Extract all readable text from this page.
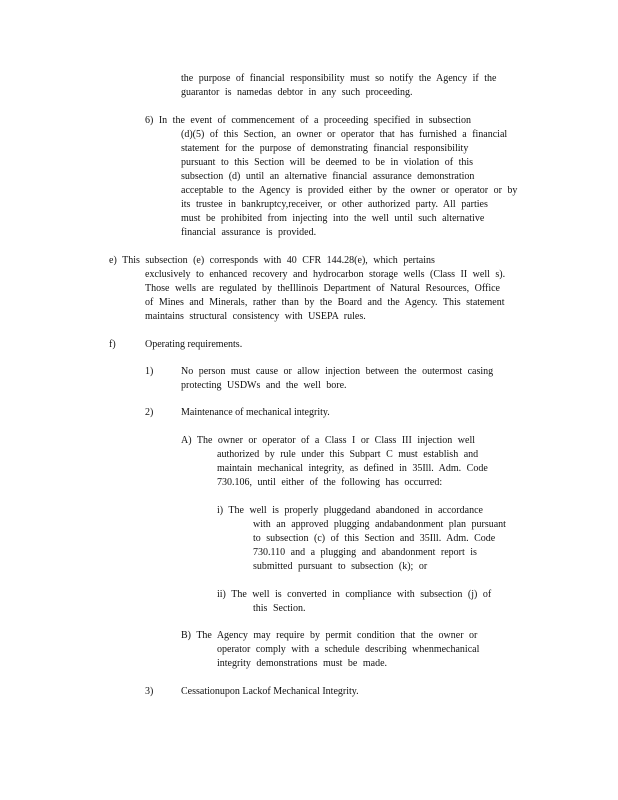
the purpose of financial responsibility must so notify the Agency if the
guarantor is namedas debtor in any such proceeding.
6) In the event of commencement of a proceeding specified in subsection
(d)(5) of this Section, an owner or operator that has furnished a financial
statement for the purpose of demonstrating financial responsibility
pursuant to this Section will be deemed to be in violation of this
subsection (d) until an alternative financial assurance demonstration
acceptable to the Agency is provided either by the owner or operator or by
its trustee in bankruptcy,receiver, or other authorized party. All parties
must be prohibited from injecting into the well until such alternative
financial assurance is provided.
e) This subsection (e) corresponds with 40 CFR 144.28(e), which pertains
exclusively to enhanced recovery and hydrocarbon storage wells (Class II well s).
Those wells are regulated by theIllinois Department of Natural Resources, Office
of Mines and Minerals, rather than by the Board and the Agency. This statement
maintains structural consistency with USEPA rules.
f)	Operating requirements.
1)	No person must cause or allow injection between the outermost casing
protecting USDWs and the well bore.
2)	Maintenance of mechanical integrity.
A) The owner or operator of a Class I or Class III injection well
authorized by rule under this Subpart C must establish and
maintain mechanical integrity, as defined in 35Ill. Adm. Code
730.106, until either of the following has occurred:
i) The well is properly pluggedand abandoned in accordance
with an approved plugging andabandonment plan pursuant
to subsection (c) of this Section and 35Ill. Adm. Code
730.110 and a plugging and abandonment report is
submitted pursuant to subsection (k); or
ii) The well is converted in compliance with subsection (j) of
this Section.
B) The Agency may require by permit condition that the owner or
operator comply with a schedule describing whenmechanical
integrity demonstrations must be made.
3)	Cessationupon Lackof Mechanical Integrity.
